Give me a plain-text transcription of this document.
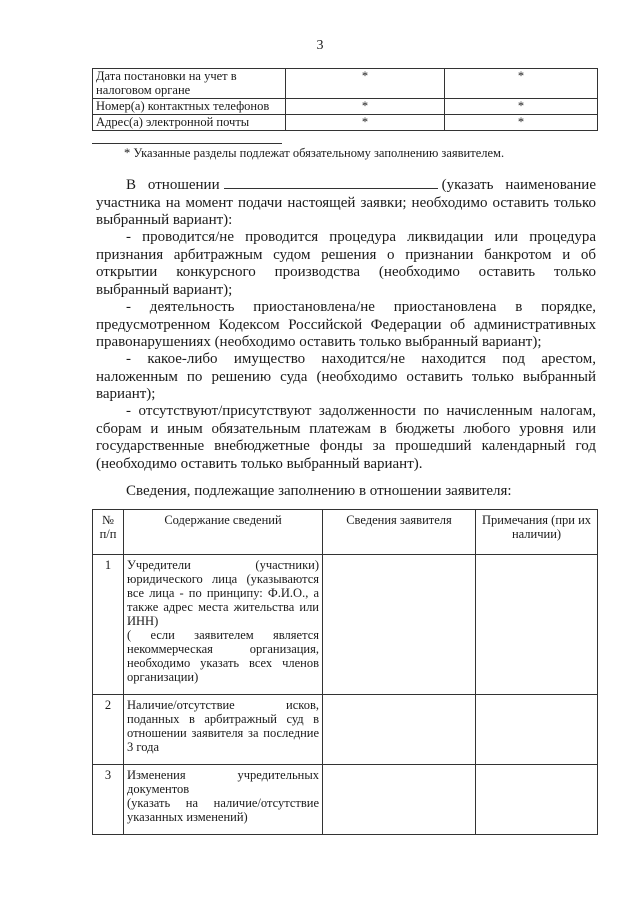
3
Дата постановки на учет в налоговом органе	*	*
Номер(а) контактных телефонов	*	*
Адрес(а) электронной почты	*	*
* Указанные разделы подлежат обязательному заполнению заявителем.
В отношении	(указать наименование участника на момент подачи настоящей заявки; необходимо оставить только выбранный вариант):
- проводится/не проводится процедура ликвидации или процедура признания арбитражным судом решения о признании банкротом и об открытии конкурсного производства (необходимо оставить только выбранный вариант);
- деятельность приостановлена/не приостановлена в порядке, предусмотренном Кодексом Российской Федерации об административных правонарушениях (необходимо оставить только выбранный вариант);
- какое-либо имущество находится/не находится под арестом, наложенным по решению суда (необходимо оставить только выбранный вариант);
- отсутствуют/присутствуют задолженности по начисленным налогам, сборам и иным обязательным платежам в бюджеты любого уровня или государственные внебюджетные фонды за прошедший календарный год (необходимо оставить только выбранный вариант).
Сведения, подлежащие заполнению в отношении заявителя:
№ п/п	Содержание сведений	Сведения заявителя	Примечания (при их наличии)
1	Учредители (участники) юридического лица (указываются все лица - по принципу: Ф.И.О., а также адрес места жительства или ИНН)
( если заявителем является некоммерческая организация, необходимо указать всех членов организации)		

2	Наличие/отсутствие исков, поданных в арбитражный суд в отношении заявителя за последние 3 года		

3	Изменения учредительных документов
(указать на наличие/отсутствие указанных изменений)		
